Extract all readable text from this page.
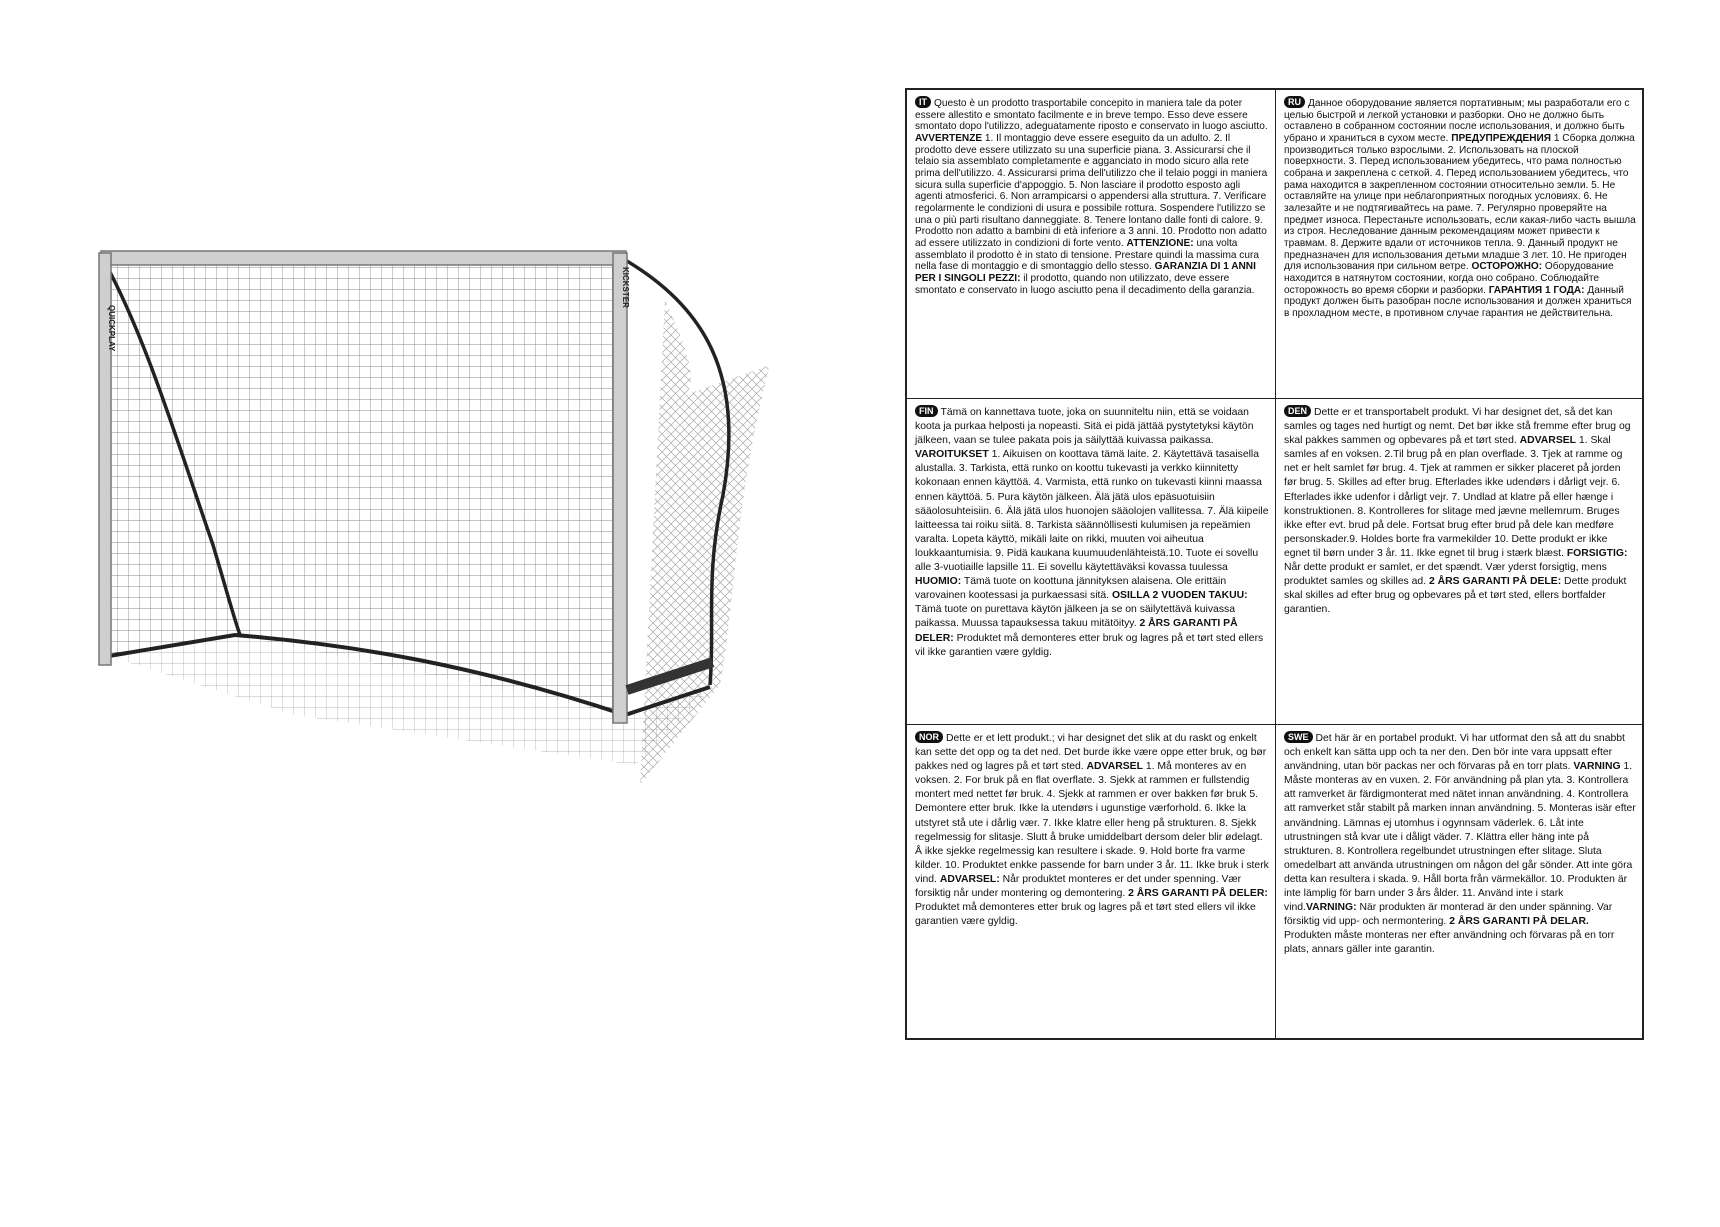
KICKSTER
QUICKPLAY

IT Questo è un prodotto trasportabile concepito in maniera tale da poter essere allestito e smontato facilmente e in breve tempo. Esso deve essere smontato dopo l'utilizzo, adeguatamente riposto e conservato in luogo asciutto. AVVERTENZE 1. Il montaggio deve essere eseguito da un adulto. 2. Il prodotto deve essere utilizzato su una superficie piana. 3. Assicurarsi che il telaio sia assemblato completamente e agganciato in modo sicuro alla rete prima dell'utilizzo. 4. Assicurarsi prima dell'utilizzo che il telaio poggi in maniera sicura sulla superficie d'appoggio. 5. Non lasciare il prodotto esposto agli agenti atmosferici. 6. Non arrampicarsi o appendersi alla struttura. 7. Verificare regolarmente le condizioni di usura e possibile rottura. Sospendere l'utilizzo se una o più parti risultano danneggiate. 8. Tenere lontano dalle fonti di calore. 9. Prodotto non adatto a bambini di età inferiore a 3 anni. 10. Prodotto non adatto ad essere utilizzato in condizioni di forte vento. ATTENZIONE: una volta assemblato il prodotto è in stato di tensione. Prestare quindi la massima cura nella fase di montaggio e di smontaggio dello stesso. GARANZIA DI 1 ANNI PER I SINGOLI PEZZI: il prodotto, quando non utilizzato, deve essere smontato e conservato in luogo asciutto pena il decadimento della garanzia.

RU Данное оборудование является портативным; мы разработали его с целью быстрой и легкой установки и разборки. Оно не должно быть оставлено в собранном состоянии после использования, и должно быть убрано и храниться в сухом месте. ПРЕДУПРЕЖДЕНИЯ 1 Сборка должна производиться только взрослыми. 2. Использовать на плоской поверхности. 3. Перед использованием убедитесь, что рама полностью собрана и закреплена с сеткой. 4. Перед использованием убедитесь, что рама находится в закрепленном состоянии относительно земли. 5. Не оставляйте на улице при неблагоприятных погодных условиях. 6. Не залезайте и не подтягивайтесь на раме. 7. Регулярно проверяйте на предмет износа. Перестаньте использовать, если какая-либо часть вышла из строя. Неследование данным рекомендациям может привести к травмам. 8. Держите вдали от источников тепла. 9. Данный продукт не предназначен для использования детьми младше 3 лет. 10. Не пригоден для использования при сильном ветре. ОСТОРОЖНО: Оборудование находится в натянутом состоянии, когда оно собрано. Соблюдайте осторожность во время сборки и разборки. ГАРАНТИЯ 1 ГОДА: Данный продукт должен быть разобран после использования и должен храниться в прохладном месте, в противном случае гарантия не действительна.

FIN Tämä on kannettava tuote, joka on suunniteltu niin, että se voidaan koota ja purkaa helposti ja nopeasti. Sitä ei pidä jättää pystytetyksi käytön jälkeen, vaan se tulee pakata pois ja säilyttää kuivassa paikassa. VAROITUKSET 1. Aikuisen on koottava tämä laite. 2. Käytettävä tasaisella alustalla. 3. Tarkista, että runko on koottu tukevasti ja verkko kiinnitetty kokonaan ennen käyttöä. 4. Varmista, että runko on tukevasti kiinni maassa ennen käyttöä. 5. Pura käytön jälkeen. Älä jätä ulos epäsuotuisiin sääolosuhteisiin. 6. Älä jätä ulos huonojen sääolojen vallitessa. 7. Älä kiipeile laitteessa tai roiku siitä. 8. Tarkista säännöllisesti kulumisen ja repeämien varalta. Lopeta käyttö, mikäli laite on rikki, muuten voi aiheutua loukkaantumisia. 9. Pidä kaukana kuumuudenlähteistä.10. Tuote ei sovellu alle 3-vuotiaille lapsille 11. Ei sovellu käytettäväksi kovassa tuulessa HUOMIO: Tämä tuote on koottuna jännityksen alaisena. Ole erittäin varovainen kootessasi ja purkaessasi sitä. OSILLA 2 VUODEN TAKUU: Tämä tuote on purettava käytön jälkeen ja se on säilytettävä kuivassa paikassa. Muussa tapauksessa takuu mitätöityy. 2 ÅRS GARANTI PÅ DELER: Produktet må demonteres etter bruk og lagres på et tørt sted ellers vil ikke garantien være gyldig.

DEN Dette er et transportabelt produkt. Vi har designet det, så det kan samles og tages ned hurtigt og nemt. Det bør ikke stå fremme efter brug og skal pakkes sammen og opbevares på et tørt sted. ADVARSEL 1. Skal samles af en voksen. 2.Til brug på en plan overflade. 3. Tjek at ramme og net er helt samlet før brug. 4. Tjek at rammen er sikker placeret på jorden før brug. 5. Skilles ad efter brug. Efterlades ikke udendørs i dårligt vejr. 6. Efterlades ikke udenfor i dårligt vejr. 7. Undlad at klatre på eller hænge i konstruktionen. 8. Kontrolleres for slitage med jævne mellemrum. Bruges ikke efter evt. brud på dele. Fortsat brug efter brud på dele kan medføre personskader.9. Holdes borte fra varmekilder 10. Dette produkt er ikke egnet til børn under 3 år. 11. Ikke egnet til brug i stærk blæst. FORSIGTIG: Når dette produkt er samlet, er det spændt. Vær yderst forsigtig, mens produktet samles og skilles ad. 2 ÅRS GARANTI PÅ DELE: Dette produkt skal skilles ad efter brug og opbevares på et tørt sted, ellers bortfalder garantien.

NOR Dette er et lett produkt.; vi har designet det slik at du raskt og enkelt kan sette det opp og ta det ned. Det burde ikke være oppe etter bruk, og bør pakkes ned og lagres på et tørt sted. ADVARSEL 1. Må monteres av en voksen. 2. For bruk på en flat overflate. 3. Sjekk at rammen er fullstendig montert med nettet før bruk. 4. Sjekk at rammen er over bakken før bruk 5. Demontere etter bruk. Ikke la utendørs i ugunstige værforhold. 6. Ikke la utstyret stå ute i dårlig vær. 7. Ikke klatre eller heng på strukturen. 8. Sjekk regelmessig for slitasje. Slutt å bruke umiddelbart dersom deler blir ødelagt. Å ikke sjekke regelmessig kan resultere i skade. 9. Hold borte fra varme kilder. 10. Produktet enkke passende for barn under 3 år. 11. Ikke bruk i sterk vind. ADVARSEL: Når produktet monteres er det under spenning. Vær forsiktig når under montering og demontering. 2 ÅRS GARANTI PÅ DELER: Produktet må demonteres etter bruk og lagres på et tørt sted ellers vil ikke garantien være gyldig.

SWE Det här är en portabel produkt. Vi har utformat den så att du snabbt och enkelt kan sätta upp och ta ner den. Den bör inte vara uppsatt efter användning, utan bör packas ner och förvaras på en torr plats. VARNING 1. Måste monteras av en vuxen. 2. För användning på plan yta. 3. Kontrollera att ramverket är färdigmonterat med nätet innan användning. 4. Kontrollera att ramverket står stabilt på marken innan användning. 5. Monteras isär efter användning. Lämnas ej utomhus i ogynnsam väderlek. 6. Låt inte utrustningen stå kvar ute i dåligt väder. 7. Klättra eller häng inte på strukturen. 8. Kontrollera regelbundet utrustningen efter slitage. Sluta omedelbart att använda utrustningen om någon del går sönder. Att inte göra detta kan resultera i skada. 9. Håll borta från värmekällor. 10. Produkten är inte lämplig för barn under 3 års ålder. 11. Använd inte i stark vind.VARNING: När produkten är monterad är den under spänning. Var försiktig vid upp- och nermontering. 2 ÅRS GARANTI PÅ DELAR. Produkten måste monteras ner efter användning och förvaras på en torr plats, annars gäller inte garantin.
